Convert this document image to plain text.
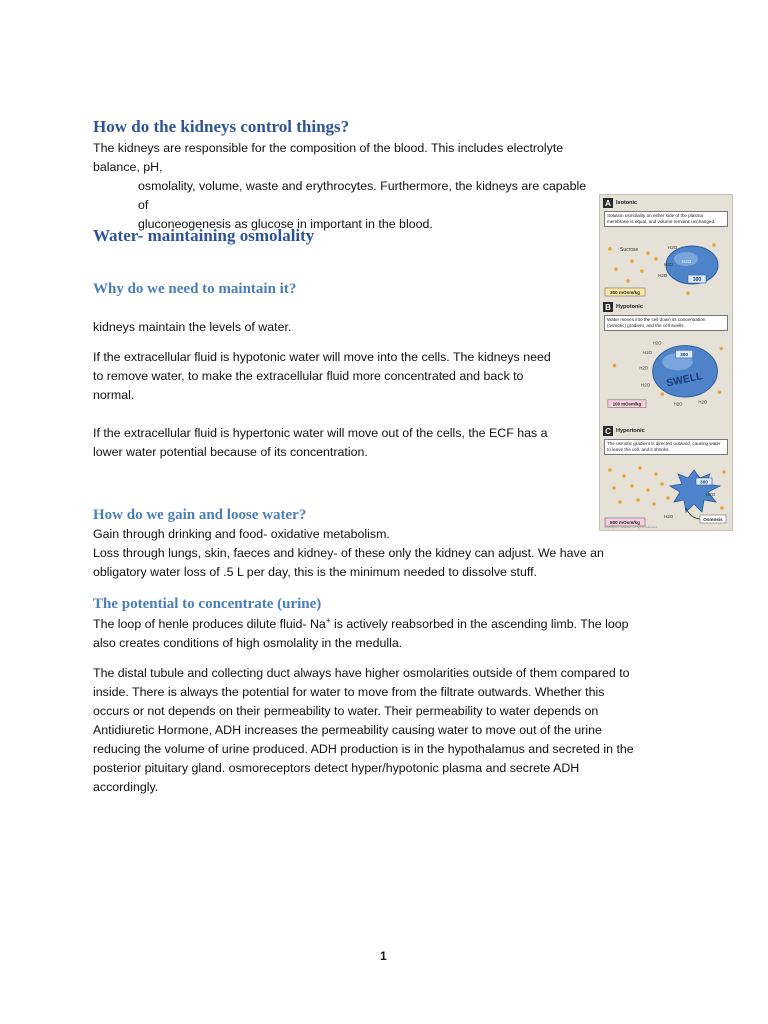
How do the kidneys control things?

The kidneys are responsible for the composition of the blood. This includes electrolyte balance, pH,

osmolality, volume, waste and erythrocytes. Furthermore, the kidneys are capable of

gluconeogenesis as glucose in important in the blood.

Water- maintaining osmolality
Why do we need to maintain it?

kidneys maintain the levels of water.

If the extracellular fluid is hypotonic water will move into the cells. The kidneys need

to remove water, to make the extracellular fluid more concentrated and back to

normal.

If the extracellular fluid is hypertonic water will move out of the cells, the ECF has a

lower water potential because of its concentration.

How do we gain and loose water?

Gain through drinking and food- oxidative metabolism.

Loss through lungs, skin, faeces and kidney- of these only the kidney can adjust. We have an

obligatory water loss of .5 L per day, this is the minimum needed to dissolve stuff.

The potential to concentrate (urine)

The loop of henle produces dilute fluid- Na+ is actively reabsorbed in the ascending limb. The loop

also creates conditions of high osmolality in the medulla.

The distal tubule and collecting duct always have higher osmolarities outside of them compared to

inside. There is always the potential for water to move from the filtrate outwards. Whether this

occurs or not depends on their permeability to water. Their permeability to water depends on

Antidiuretic Hormone, ADH increases the permeability causing water to move out of the urine

reducing the volume of urine produced. ADH production is in the hypothalamus and secreted in the

posterior pituitary gland. osmoreceptors detect hyper/hypotonic plasma and secrete ADH

accordingly.

A Isotonic
Solution osmolality on either side of the plasma membrane is equal, and volume remains unchanged.
300
Sucrose	H2O
H2O
H2O
H2O
300 mOsm/kg
B Hypotonic
Water moves into the cell down its concentration (osmotic) gradient, and the cell swells.
300
SWELL
H2O
H2O
H2O
H2O
H2O	H2O
100 mOsm/kg
C Hypertonic
The osmotic gradient is directed outward, causing water to leave the cell, and it shrinks.
300
H2O
H2O
Osmosis
500 mOsm/kg
Copyright © Elsevier. All rights reserved.
1
